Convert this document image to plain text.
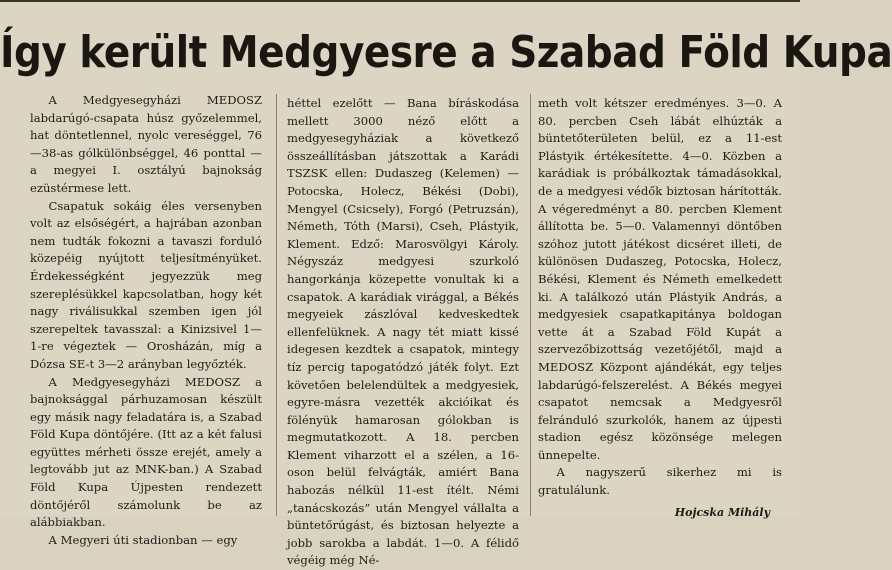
Így került Medgyesre a Szabad Föld Kupa

A Medgyesegyházi MEDOSZ labdarúgó-csapata húsz győzelemmel, hat döntetlennel, nyolc vereséggel, 76—38-as gólkülönbséggel, 46 ponttal — a megyei I. osztályú bajnokság ezüstérmese lett.

Csapatuk sokáig éles versenyben volt az elsőségért, a hajrában azonban nem tudták fokozni a tavaszi forduló közepéig nyújtott teljesítményüket. Érdekességként jegyezzük meg szereplésükkel kapcsolatban, hogy két nagy riválisukkal szemben igen jól szerepeltek tavasszal: a Kinizsivel 1—1-re végeztek — Orosházán, míg a Dózsa SE-t 3—2 arányban legyőzték.

A Medgyesegyházi MEDOSZ a bajnoksággal párhuzamosan készült egy másik nagy feladatára is, a Szabad Föld Kupa döntőjére. (Itt az a két falusi együttes mérheti össze erejét, amely a legtovább jut az MNK-ban.) A Szabad Föld Kupa Újpesten rendezett döntőjéről számolunk be az alábbiakban.

A Megyeri úti stadionban — egy

héttel ezelőtt — Bana bíráskodása mellett 3000 néző előtt a medgyesegyháziak a következő összeállításban játszottak a Karádi TSZSK ellen: Dudaszeg (Kelemen) — Potocska, Holecz, Békési (Dobi), Mengyel (Csicsely), Forgó (Petruzsán), Németh, Tóth (Marsi), Cseh, Plástyik, Klement. Edző: Marosvölgyi Károly. Négyszáz medgyesi szurkoló hangorkánja közepette vonultak ki a csapatok. A karádiak virággal, a Békés megyeiek zászlóval kedveskedtek ellenfelüknek. A nagy tét miatt kissé idegesen kezdtek a csapatok, mintegy tíz percig tapogatódzó játék folyt. Ezt követően belelendültek a medgyesiek, egyre-másra vezették akcióikat és fölényük hamarosan gólokban is megmutatkozott. A 18. percben Klement viharzott el a szélen, a 16-oson belül felvágták, amiért Bana habozás nélkül 11-est ítélt. Némi „tanácskozás” után Mengyel vállalta a büntetőrúgást, és biztosan helyezte a jobb sarokba a labdát. 1—0. A félidő végéig még Né-

meth volt kétszer eredményes. 3—0. A 80. percben Cseh lábát elhúzták a büntetőterületen belül, ez a 11-est Plástyik értékesítette. 4—0. Közben a karádiak is próbálkoztak támadásokkal, de a medgyesi védők biztosan hárították. A végeredményt a 80. percben Klement állította be. 5—0. Valamennyi döntőben szóhoz jutott játékost dicséret illeti, de különösen Dudaszeg, Potocska, Holecz, Békési, Klement és Németh emelkedett ki. A találkozó után Plástyik András, a medgyesiek csapatkapitánya boldogan vette át a Szabad Föld Kupát a szervezőbizottság vezetőjétől, majd a MEDOSZ Központ ajándékát, egy teljes labdarúgó-felszerelést. A Békés megyei csapatot nemcsak a Medgyesről felránduló szurkolók, hanem az újpesti stadion egész közönsége melegen ünnepelte.

A nagyszerű sikerhez mi is gratulálunk.

Hojcska Mihály
